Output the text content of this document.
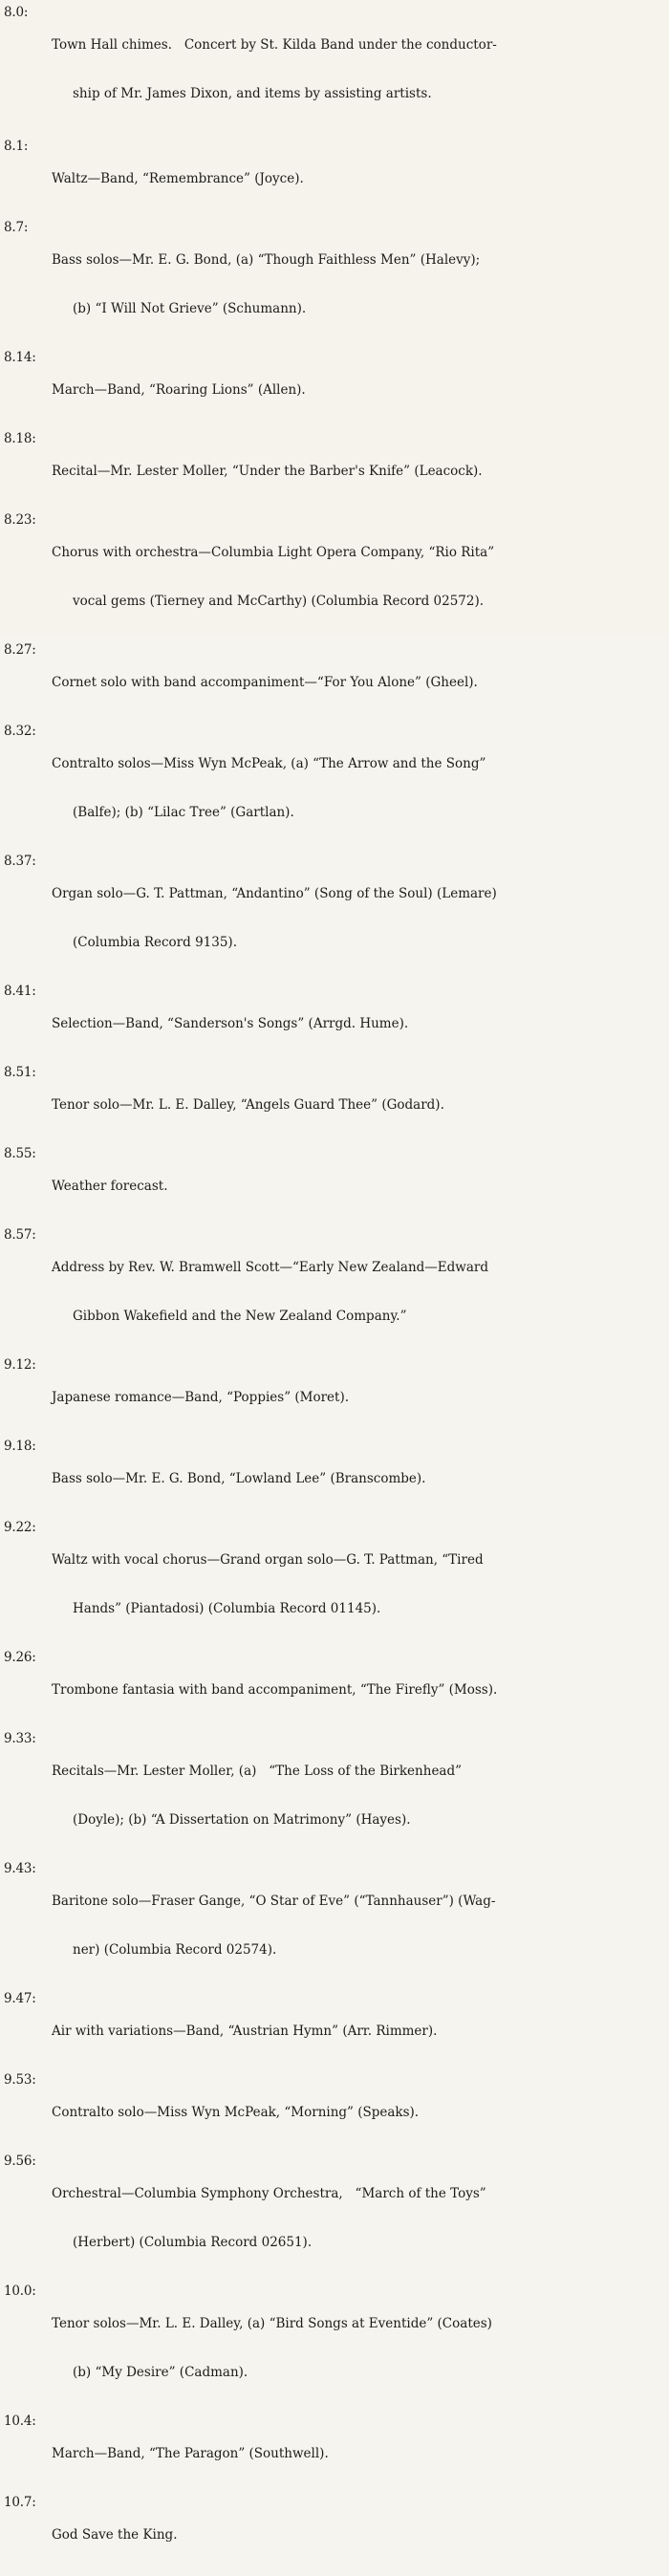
8.0:

Town Hall chimes.   Concert by St. Kilda Band under the conductor-

ship of Mr. James Dixon, and items by assisting artists.

8.1:

Waltz—Band, “Remembrance” (Joyce).

8.7:

Bass solos—Mr. E. G. Bond, (a) “Though Faithless Men” (Halevy);

(b) “I Will Not Grieve” (Schumann).

8.14:

March—Band, “Roaring Lions” (Allen).

8.18:

Recital—Mr. Lester Moller, “Under the Barber's Knife” (Leacock).

8.23:

Chorus with orchestra—Columbia Light Opera Company, “Rio Rita”

vocal gems (Tierney and McCarthy) (Columbia Record 02572).

8.27:

Cornet solo with band accompaniment—“For You Alone” (Gheel).

8.32:

Contralto solos—Miss Wyn McPeak, (a) “The Arrow and the Song”

(Balfe); (b) “Lilac Tree” (Gartlan).

8.37:

Organ solo—G. T. Pattman, “Andantino” (Song of the Soul) (Lemare)

(Columbia Record 9135).

8.41:

Selection—Band, “Sanderson's Songs” (Arrgd. Hume).

8.51:

Tenor solo—Mr. L. E. Dalley, “Angels Guard Thee” (Godard).

8.55:

Weather forecast.

8.57:

Address by Rev. W. Bramwell Scott—“Early New Zealand—Edward

Gibbon Wakefield and the New Zealand Company.”

9.12:

Japanese romance—Band, “Poppies” (Moret).

9.18:

Bass solo—Mr. E. G. Bond, “Lowland Lee” (Branscombe).

9.22:

Waltz with vocal chorus—Grand organ solo—G. T. Pattman, “Tired

Hands” (Piantadosi) (Columbia Record 01145).

9.26:

Trombone fantasia with band accompaniment, “The Firefly” (Moss).

9.33:

Recitals—Mr. Lester Moller, (a)   “The Loss of the Birkenhead”

(Doyle); (b) “A Dissertation on Matrimony” (Hayes).

9.43:

Baritone solo—Fraser Gange, “O Star of Eve” (“Tannhauser”) (Wag-

ner) (Columbia Record 02574).

9.47:

Air with variations—Band, “Austrian Hymn” (Arr. Rimmer).

9.53:

Contralto solo—Miss Wyn McPeak, “Morning” (Speaks).

9.56:

Orchestral—Columbia Symphony Orchestra,   “March of the Toys”

(Herbert) (Columbia Record 02651).

10.0:

Tenor solos—Mr. L. E. Dalley, (a) “Bird Songs at Eventide” (Coates)

(b) “My Desire” (Cadman).

10.4:

March—Band, “The Paragon” (Southwell).

10.7:

God Save the King.
